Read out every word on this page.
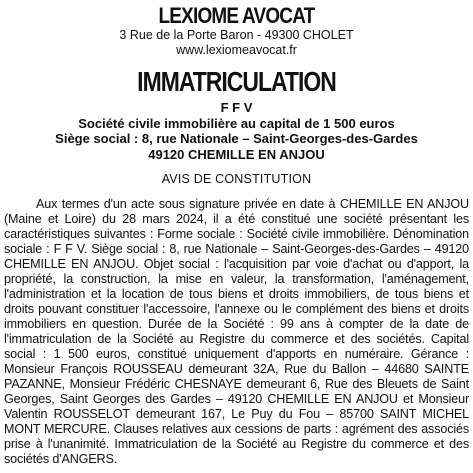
LEXIOME AVOCAT
3 Rue de la Porte Baron - 49300 CHOLET
www.lexiomeavocat.fr
IMMATRICULATION
F F V
Société civile immobilière au capital de 1 500 euros
Siège social : 8, rue Nationale – Saint-Georges-des-Gardes
49120 CHEMILLE EN ANJOU
AVIS DE CONSTITUTION

Aux termes d'un acte sous signature privée en date à CHEMILLE EN ANJOU (Maine et Loire) du 28 mars 2024, il a été constitué une société présentant les caractéristiques suivantes : Forme sociale : Société civile immobilière. Dénomination sociale : F F V. Siège social : 8, rue Nationale – Saint-Georges-des-Gardes – 49120 CHEMILLE EN ANJOU. Objet social : l'acquisition par voie d'achat ou d'apport, la propriété, la construction, la mise en valeur, la transformation, l'aménagement, l'administration et la location de tous biens et droits immobiliers, de tous biens et droits pouvant constituer l'accessoire, l'annexe ou le complément des biens et droits immobiliers en question. Durée de la Société : 99 ans à compter de la date de l'immatriculation de la Société au Registre du commerce et des sociétés. Capital social : 1 500 euros, constitué uniquement d'apports en numéraire. Gérance : Monsieur François ROUSSEAU demeurant 32A, Rue du Ballon – 44680 SAINTE PAZANNE, Monsieur Frédéric CHESNAYE demeurant 6, Rue des Bleuets de Saint Georges, Saint Georges des Gardes – 49120 CHEMILLE EN ANJOU et Monsieur Valentin ROUSSELOT demeurant 167, Le Puy du Fou – 85700 SAINT MICHEL MONT MERCURE. Clauses relatives aux cessions de parts : agrément des associés prise à l'unanimité. Immatriculation de la Société au Registre du commerce et des sociétés d'ANGERS.
